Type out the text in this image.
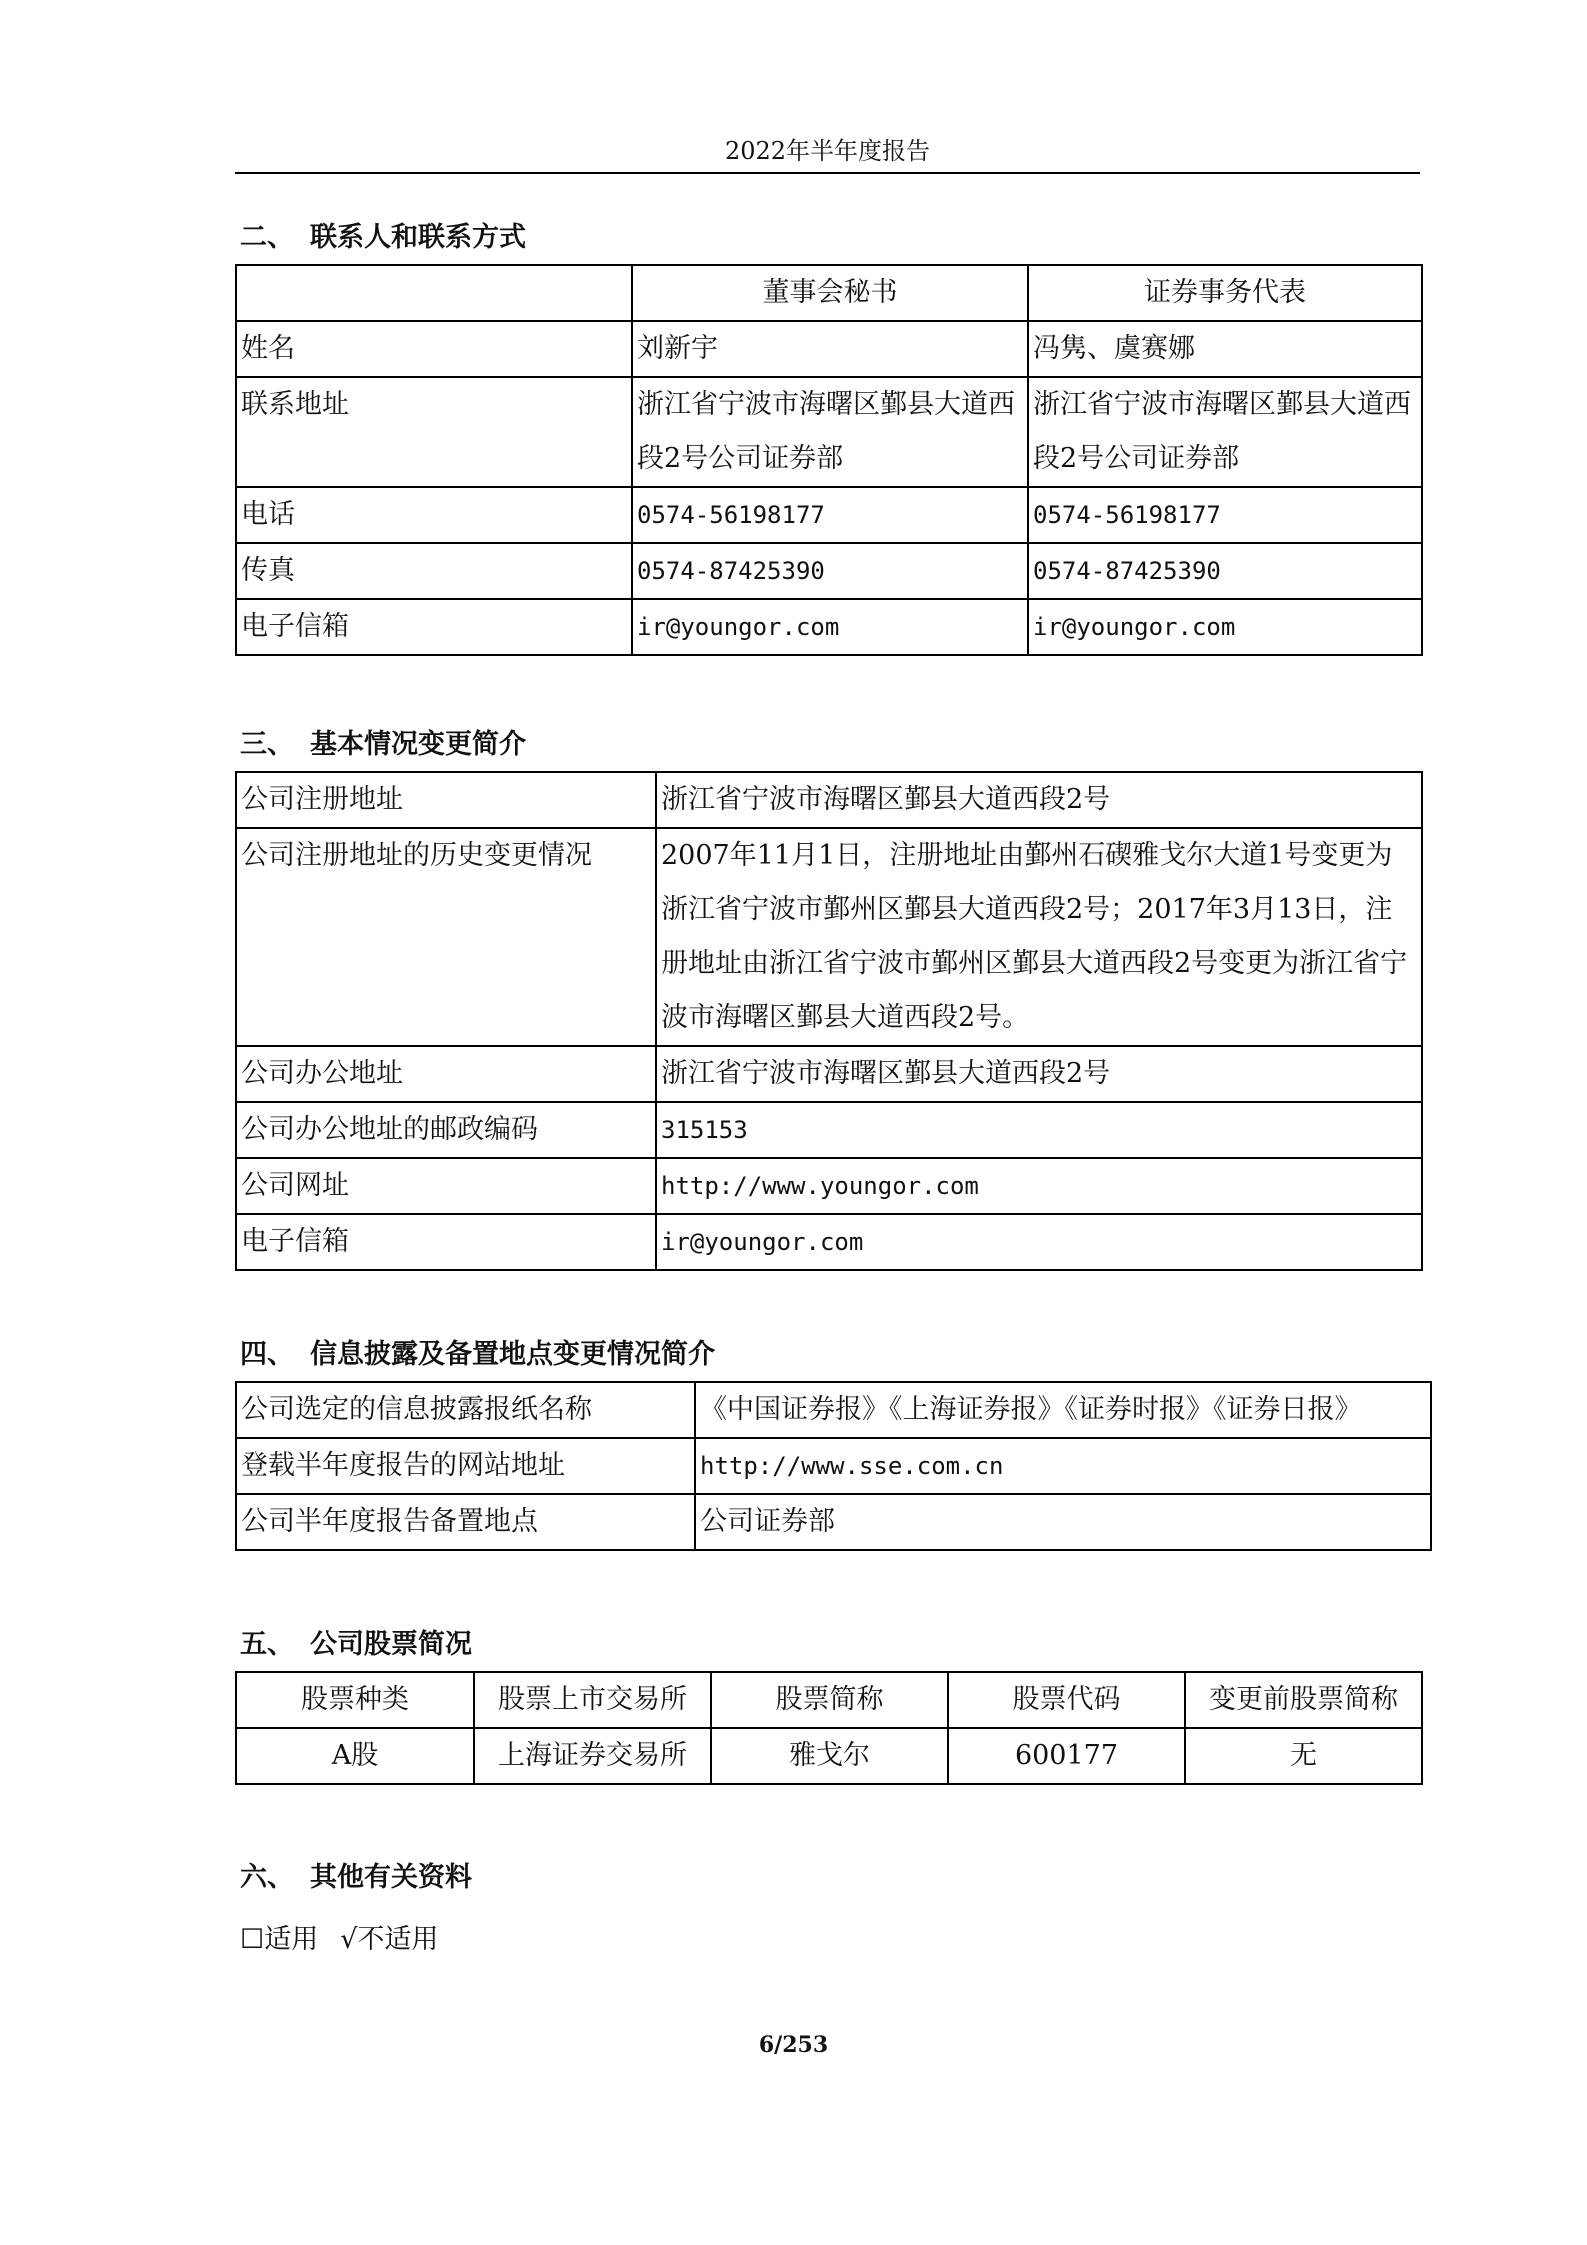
2022年半年度报告
二、 联系人和联系方式
	董事会秘书	证券事务代表
姓名	刘新宇	冯隽、虞赛娜
联系地址	浙江省宁波市海曙区鄞县大道西段2号公司证券部	浙江省宁波市海曙区鄞县大道西段2号公司证券部
电话	0574-56198177	0574-56198177
传真	0574-87425390	0574-87425390
电子信箱	ir@youngor.com	ir@youngor.com
三、 基本情况变更简介
公司注册地址	浙江省宁波市海曙区鄞县大道西段2号
公司注册地址的历史变更情况	2007年11月1日，注册地址由鄞州石碶雅戈尔大道1号变更为浙江省宁波市鄞州区鄞县大道西段2号；2017年3月13日，注册地址由浙江省宁波市鄞州区鄞县大道西段2号变更为浙江省宁波市海曙区鄞县大道西段2号。
公司办公地址	浙江省宁波市海曙区鄞县大道西段2号
公司办公地址的邮政编码	315153
公司网址	http://www.youngor.com
电子信箱	ir@youngor.com
四、 信息披露及备置地点变更情况简介
公司选定的信息披露报纸名称	《中国证券报》《上海证券报》《证券时报》《证券日报》
登载半年度报告的网站地址	http://www.sse.com.cn
公司半年度报告备置地点	公司证券部
五、 公司股票简况
股票种类	股票上市交易所	股票简称	股票代码	变更前股票简称
A股	上海证券交易所	雅戈尔	600177	无
六、 其他有关资料
☐适用 √不适用
6/253
